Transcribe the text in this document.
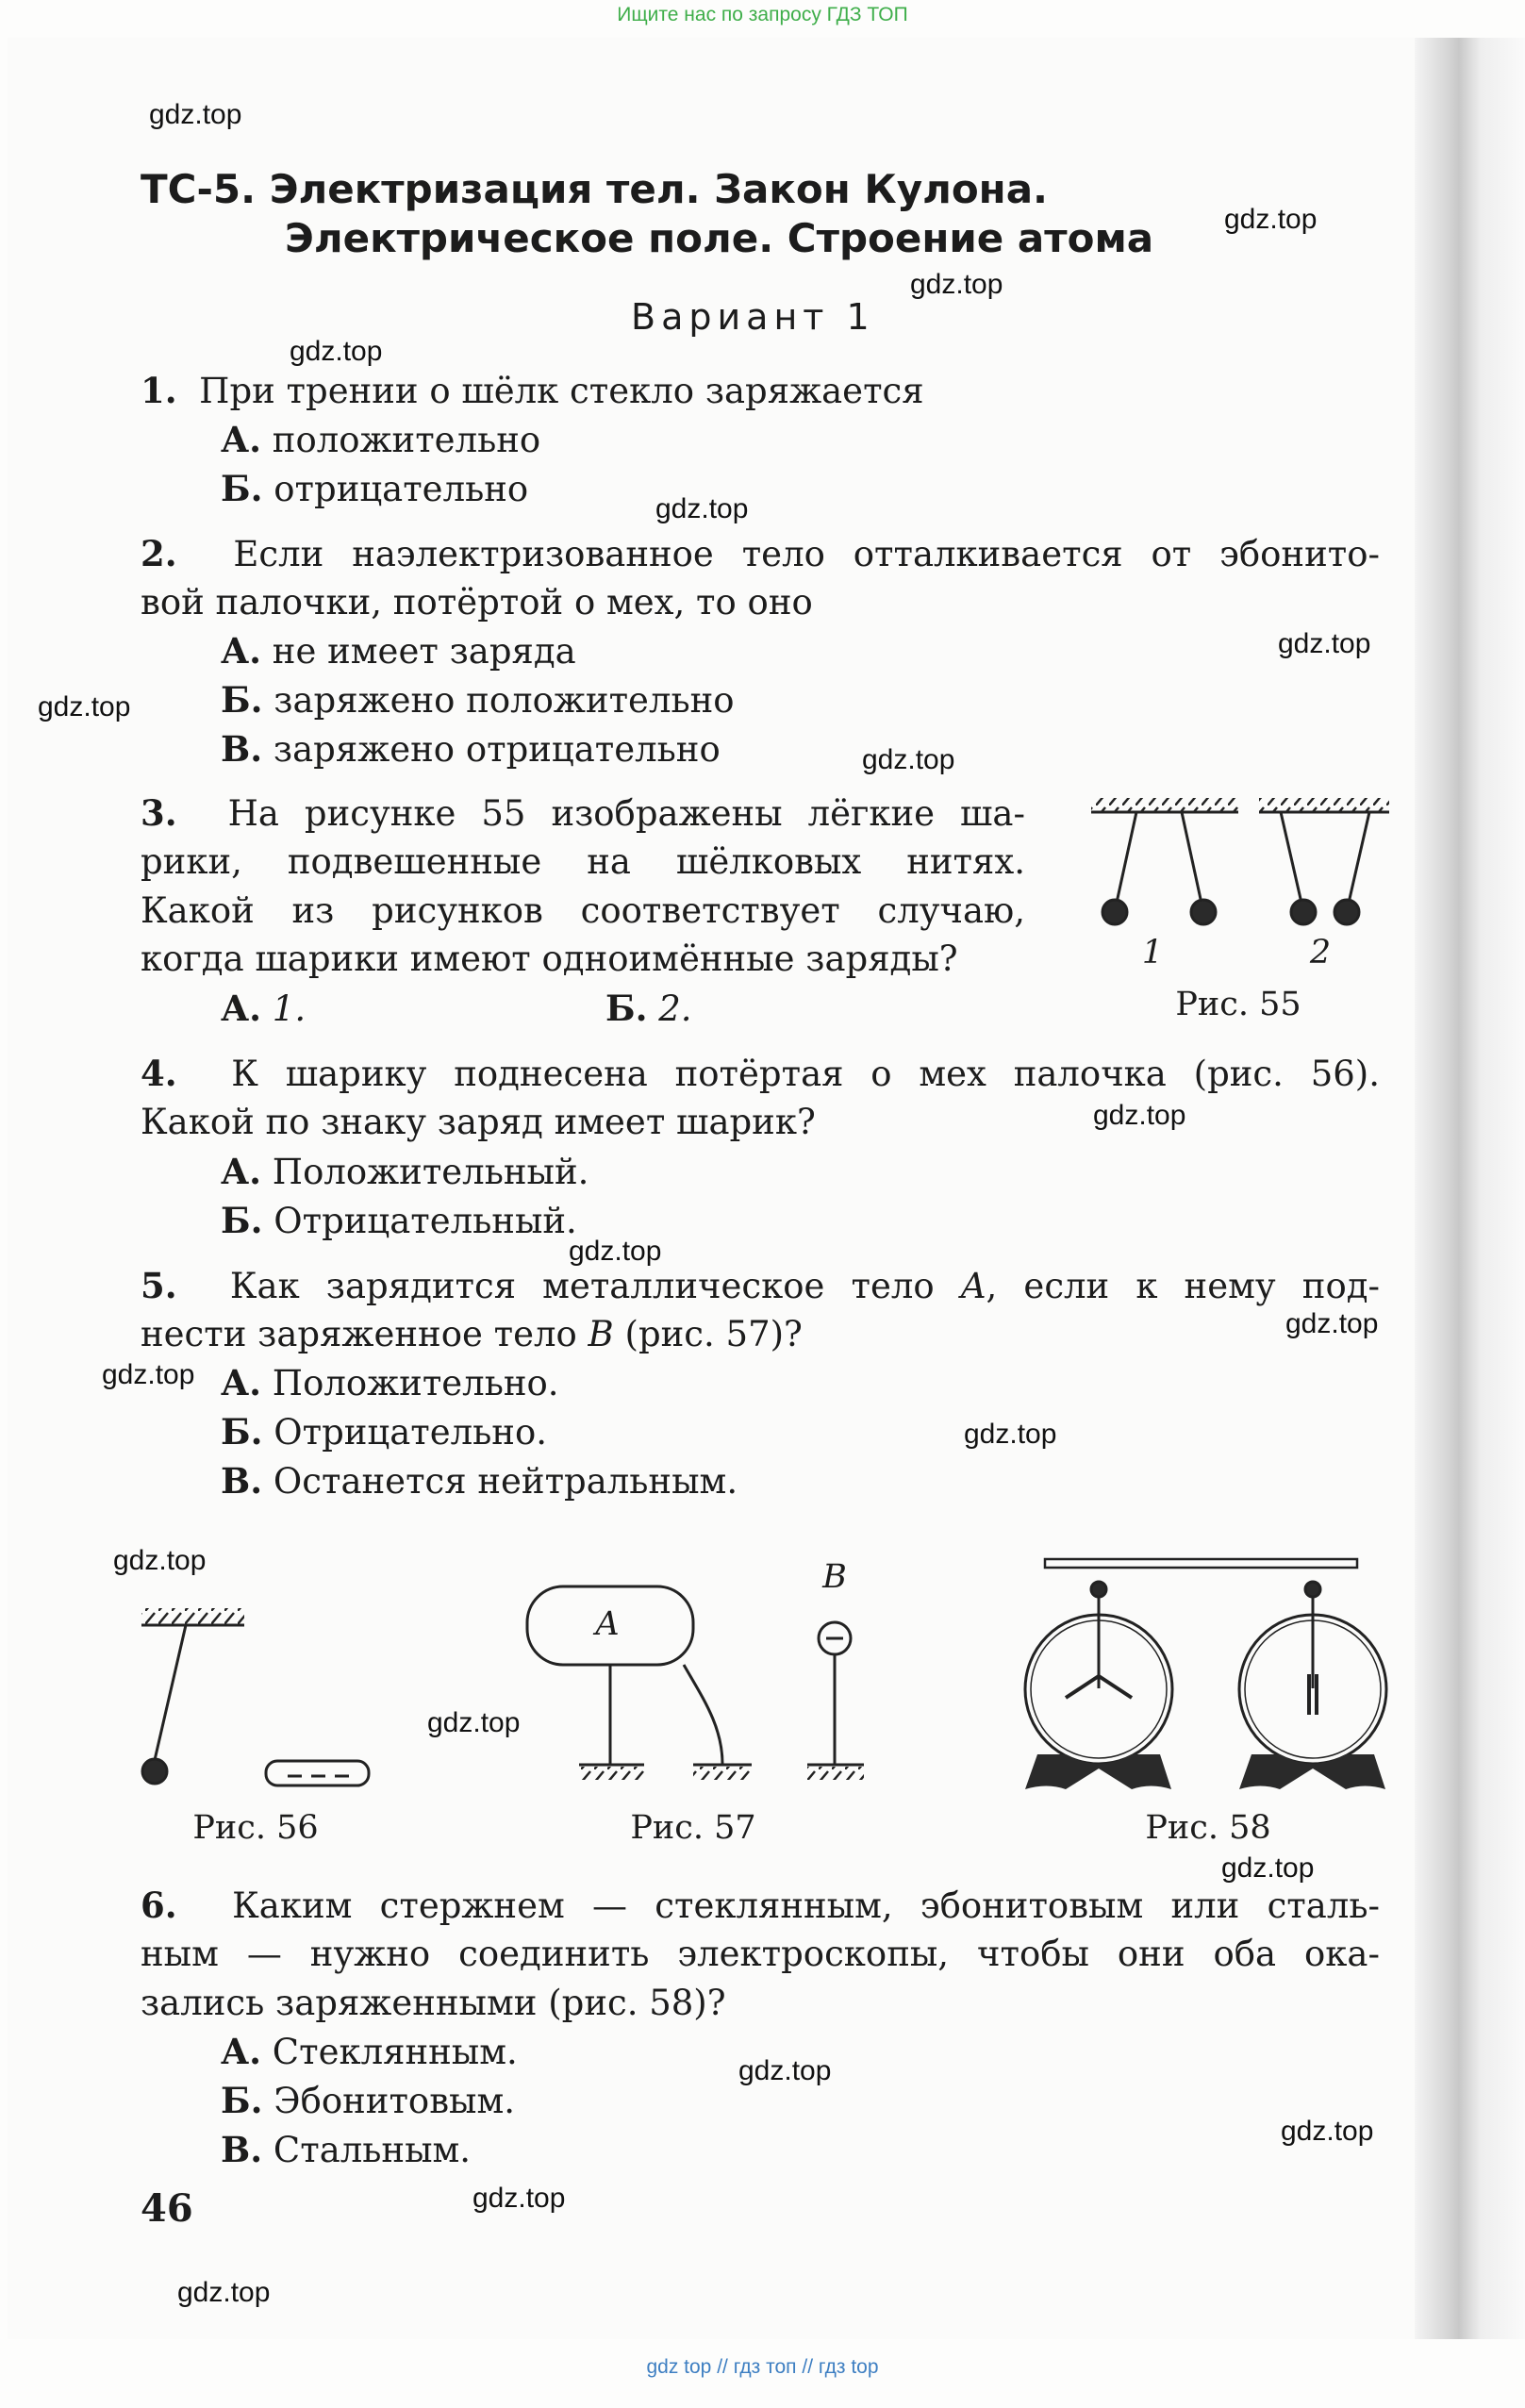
Ищите нас по запросу ГДЗ ТОП
ТС-5. Электризация тел. Закон Кулона.
Электрическое поле. Строение атома
Вариант 1
1. При трении о шёлк стекло заряжается
А. положительно
Б. отрицательно
2. Если наэлектризованное тело отталкивается от эбонито-
вой палочки, потёртой о мех, то оно
А. не имеет заряда
Б. заряжено положительно
В. заряжено отрицательно
3. На рисунке 55 изображены лёгкие ша-
рики, подвешенные на шёлковых нитях.
Какой из рисунков соответствует случаю,
когда шарики имеют одноимённые заряды?
А. 1.	Б. 2.
4. К шарику поднесена потёртая о мех палочка (рис. 56).
Какой по знаку заряд имеет шарик?
А. Положительный.
Б. Отрицательный.
5. Как зарядится металлическое тело A, если к нему под-
нести заряженное тело B (рис. 57)?
А. Положительно.
Б. Отрицательно.
В. Останется нейтральным.
6. Каким стержнем — стеклянным, эбонитовым или сталь-
ным — нужно соединить электроскопы, чтобы они оба ока-
зались заряженными (рис. 58)?
А. Стеклянным.
Б. Эбонитовым.
В. Стальным.
46
1	2
Рис. 55
Рис. 56
A
B
Рис. 57	Рис. 58
gdz.top
gdz.top
gdz.top
gdz.top
gdz.top
gdz.top
gdz.top
gdz.top
gdz.top
gdz.top
gdz.top
gdz.top
gdz.top
gdz.top
gdz.top
gdz.top
gdz.top
gdz.top
gdz.top
gdz.top
gdz top // гдз топ // гдз top
